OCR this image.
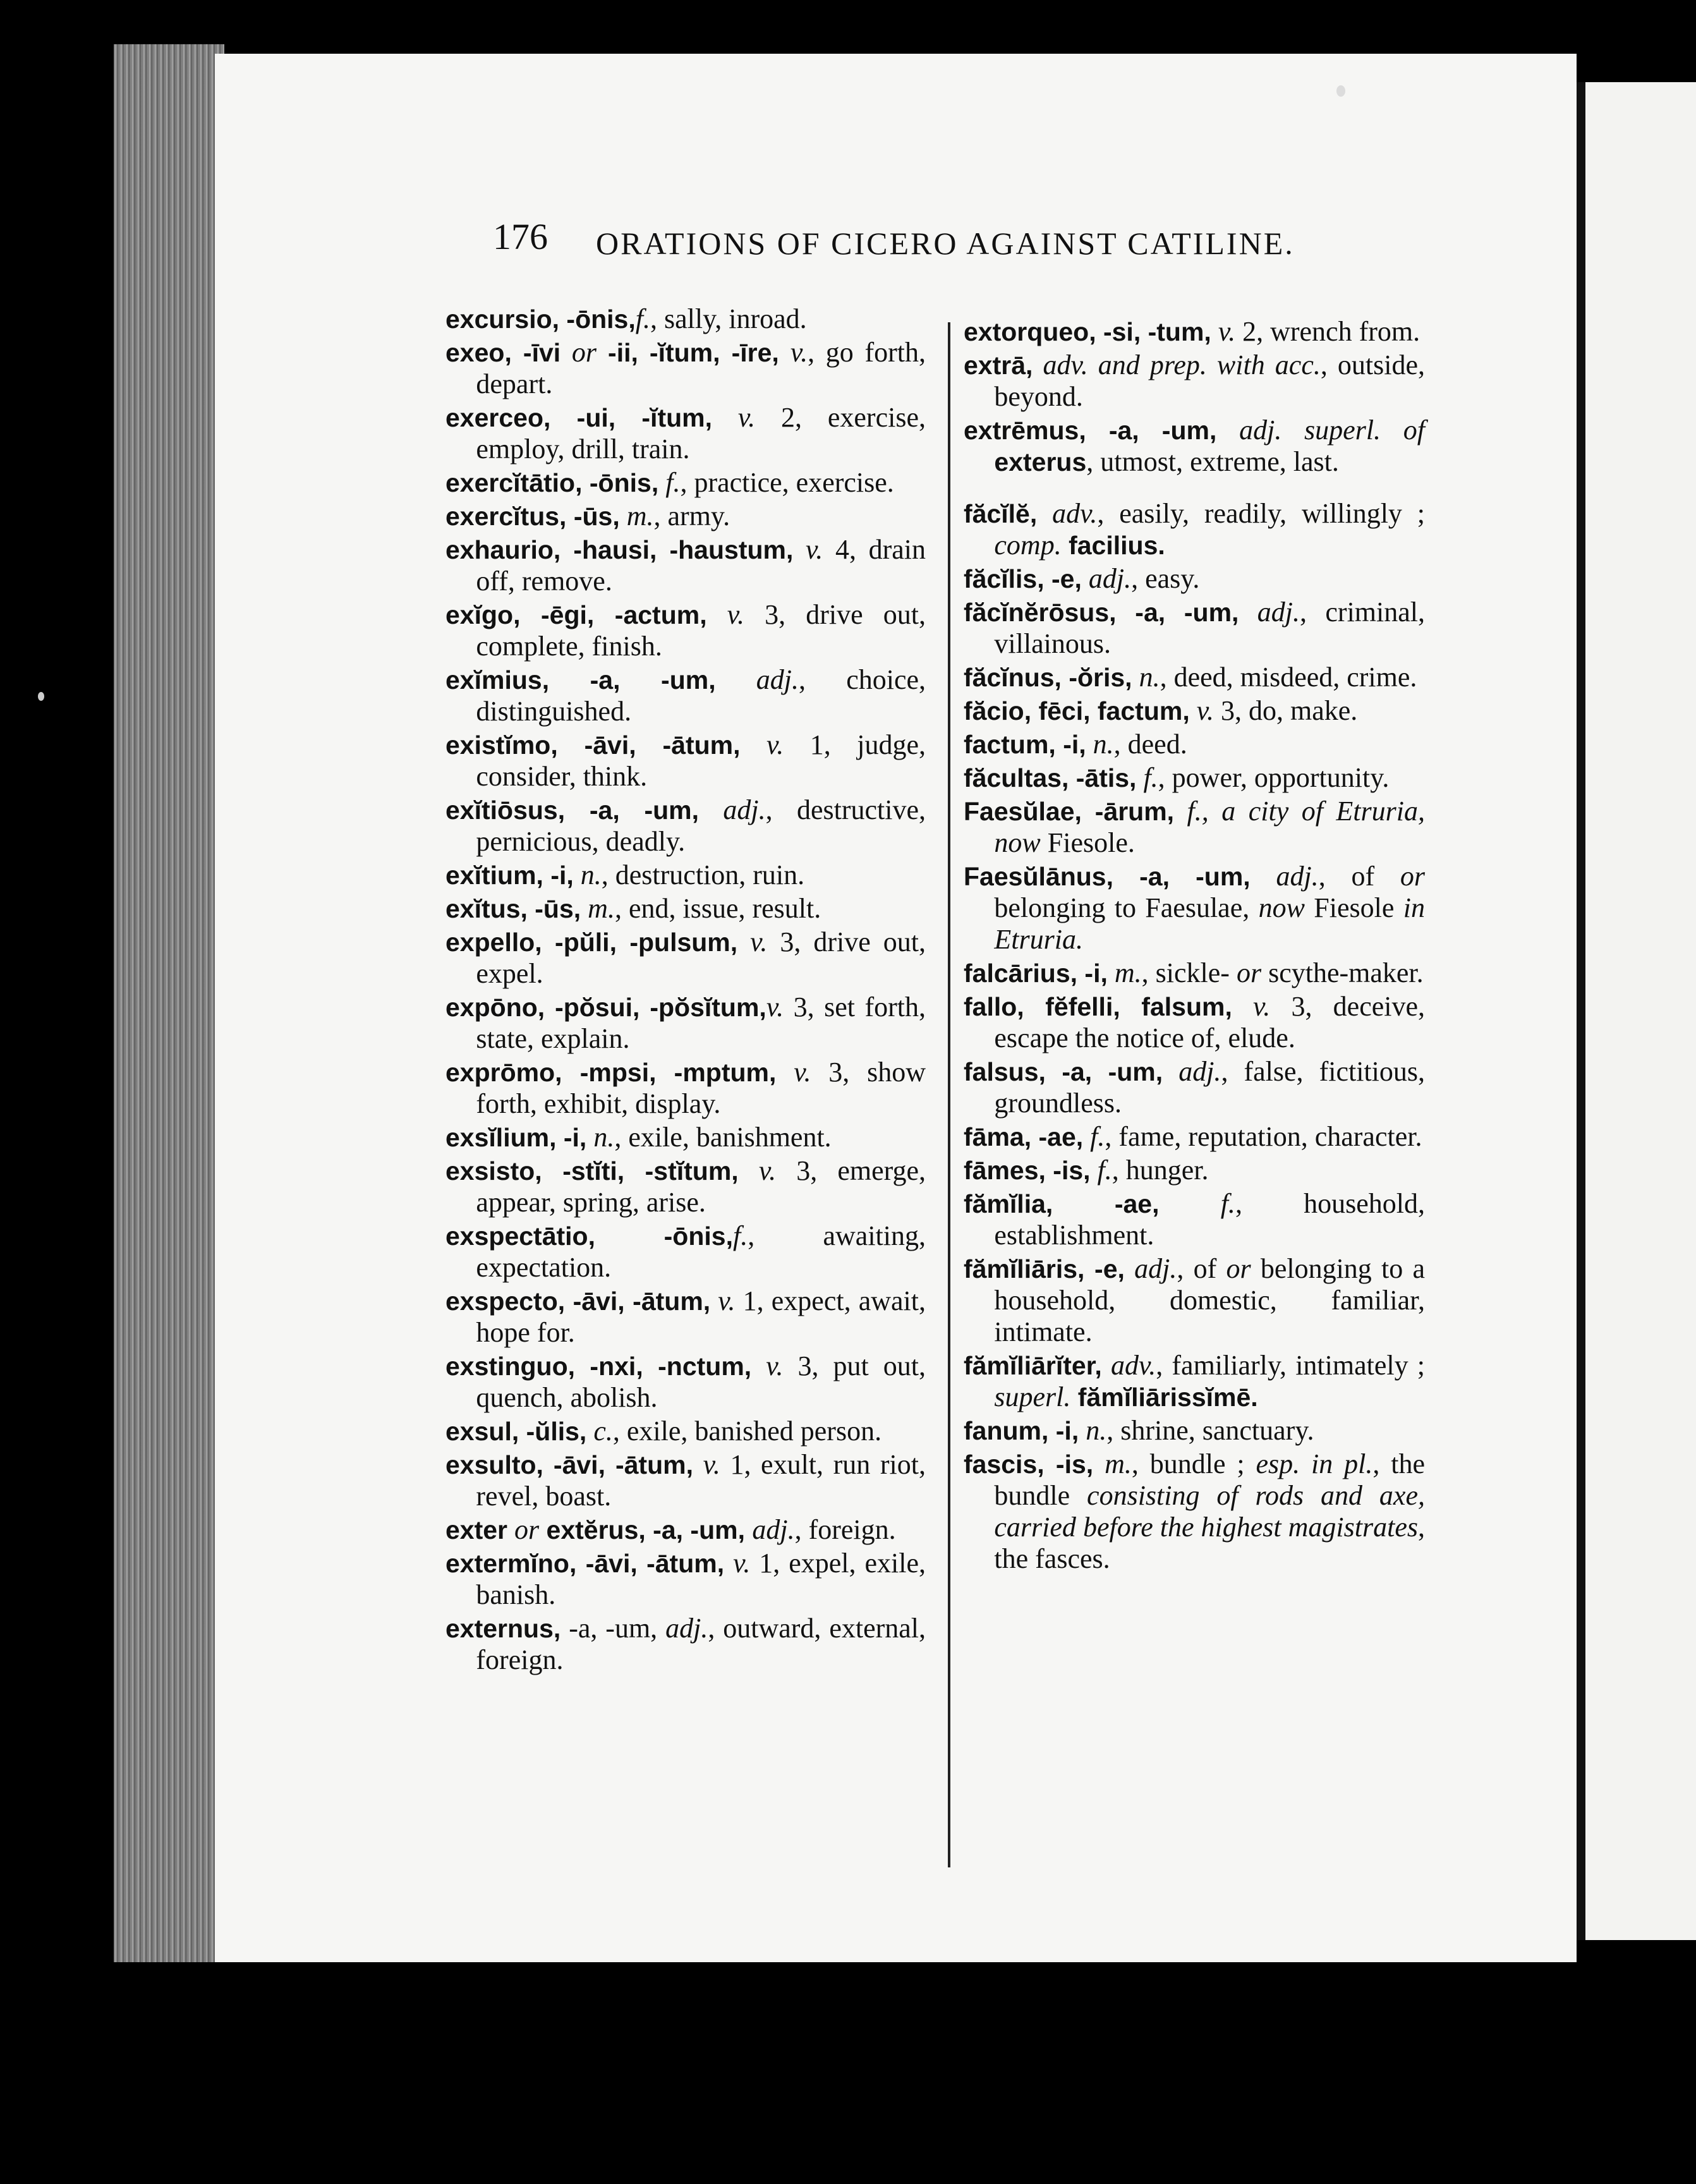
176 ORATIONS OF CICERO AGAINST CATILINE.

excursio, -ōnis,f., sally, inroad.

exeo, -īvi or -ii, -ĭtum, -īre, v., go forth, depart.

exerceo, -ui, -ĭtum, v. 2, exercise, employ, drill, train.

exercĭtātio, -ōnis, f., practice, exercise.

exercĭtus, -ūs, m., army.

exhaurio, -hausi, -haustum, v. 4, drain off, remove.

exĭgo, -ēgi, -actum, v. 3, drive out, complete, finish.

exĭmius, -a, -um, adj., choice, distinguished.

existĭmo, -āvi, -ātum, v. 1, judge, consider, think.

exĭtiōsus, -a, -um, adj., destructive, pernicious, deadly.

exĭtium, -i, n., destruction, ruin.

exĭtus, -ūs, m., end, issue, result.

expello, -pŭli, -pulsum, v. 3, drive out, expel.

expōno, -pŏsui, -pŏsĭtum,v. 3, set forth, state, explain.

exprōmo, -mpsi, -mptum, v. 3, show forth, exhibit, display.

exsĭlium, -i, n., exile, banishment.

exsisto, -stĭti, -stĭtum, v. 3, emerge, appear, spring, arise.

exspectātio, -ōnis,f., awaiting, expectation.

exspecto, -āvi, -ātum, v. 1, expect, await, hope for.

exstinguo, -nxi, -nctum, v. 3, put out, quench, abolish.

exsul, -ŭlis, c., exile, banished person.

exsulto, -āvi, -ātum, v. 1, exult, run riot, revel, boast.

exter or extĕrus, -a, -um, adj., foreign.

extermĭno, -āvi, -ātum, v. 1, expel, exile, banish.

externus, -a, -um, adj., outward, external, foreign.

extorqueo, -si, -tum, v. 2, wrench from.

extrā, adv. and prep. with acc., outside, beyond.

extrēmus, -a, -um, adj. superl. of exterus, utmost, extreme, last.

făcĭlĕ, adv., easily, readily, willingly ; comp. facilius.

făcĭlis, -e, adj., easy.

făcĭnĕrōsus, -a, -um, adj., criminal, villainous.

făcĭnus, -ŏris, n., deed, misdeed, crime.

făcio, fēci, factum, v. 3, do, make.

factum, -i, n., deed.

făcultas, -ātis, f., power, opportunity.

Faesŭlae, -ārum, f., a city of Etruria, now Fiesole.

Faesŭlānus, -a, -um, adj., of or belonging to Faesulae, now Fiesole in Etruria.

falcārius, -i, m., sickle- or scythe-maker.

fallo, fĕfelli, falsum, v. 3, deceive, escape the notice of, elude.

falsus, -a, -um, adj., false, fictitious, groundless.

fāma, -ae, f., fame, reputation, character.

fāmes, -is, f., hunger.

fămĭlia, -ae, f., household, establishment.

fămĭliāris, -e, adj., of or belonging to a household, domestic, familiar, intimate.

fămĭliārĭter, adv., familiarly, intimately ; superl. fămĭliārissĭmē.

fanum, -i, n., shrine, sanctuary.

fascis, -is, m., bundle ; esp. in pl., the bundle consisting of rods and axe, carried before the highest magistrates, the fasces.
